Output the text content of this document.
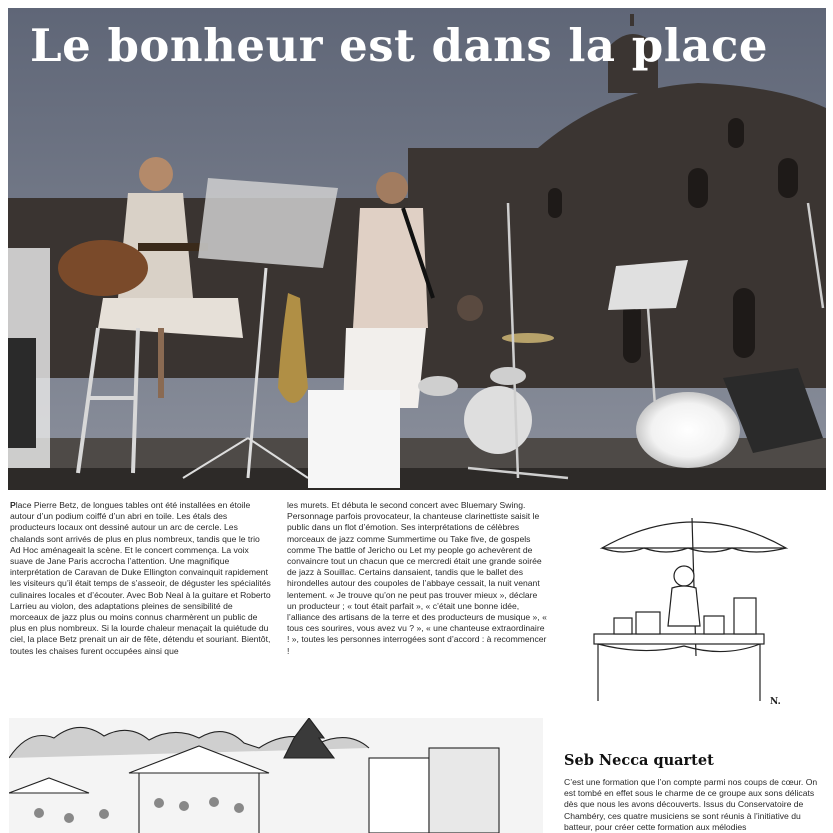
Le bonheur est dans la place

Place Pierre Betz, de longues tables ont été installées en étoile autour d’un podium coiffé d’un abri en toile. Les étals des producteurs locaux ont dessiné autour un arc de cercle. Les chalands sont arrivés de plus en plus nombreux, tandis que le trio Ad Hoc aménageait la scène. Et le concert commença. La voix suave de Jane Paris accrocha l’attention. Une magnifique interprétation de Caravan de Duke Ellington convainquit rapidement les visiteurs qu’il était temps de s’asseoir, de déguster les spécialités culinaires locales et d’écouter. Avec Bob Neal à la guitare et Roberto Larrieu au violon, des adaptations pleines de sensibilité de morceaux de jazz plus ou moins connus charmèrent un public de plus en plus nombreux. Si la lourde chaleur menaçait la quiétude du ciel, la place Betz prenait un air de fête, détendu et souriant. Bientôt, toutes les chaises furent occupées ainsi que

les murets. Et débuta le second concert avec Bluemary Swing. Personnage parfois provocateur, la chanteuse clarinettiste saisit le public dans un flot d’émotion. Ses interprétations de célèbres morceaux de jazz comme Summertime ou Take five, de gospels comme The battle of Jericho ou Let my people go achevèrent de convaincre tout un chacun que ce mercredi était une grande soirée de jazz à Souillac. Certains dansaient, tandis que le ballet des hirondelles autour des coupoles de l’abbaye cessait, la nuit venant lentement. « Je trouve qu’on ne peut pas trouver mieux », déclare un producteur ; « tout était parfait », « c’était une bonne idée, l’alliance des artisans de la terre et des producteurs de musique », « tous ces sourires, vous avez vu ? », « une chanteuse extraordinaire ! », toutes les personnes interrogées sont d’accord : à recommencer !

N.
Seb Necca quartet

C’est une formation que l’on compte parmi nos coups de cœur. On est tombé en effet sous le charme de ce groupe aux sons délicats dès que nous les avons découverts. Issus du Conservatoire de Chambéry, ces quatre musiciens se sont réunis à l’initiative du batteur, pour créer cette formation aux mélodies
